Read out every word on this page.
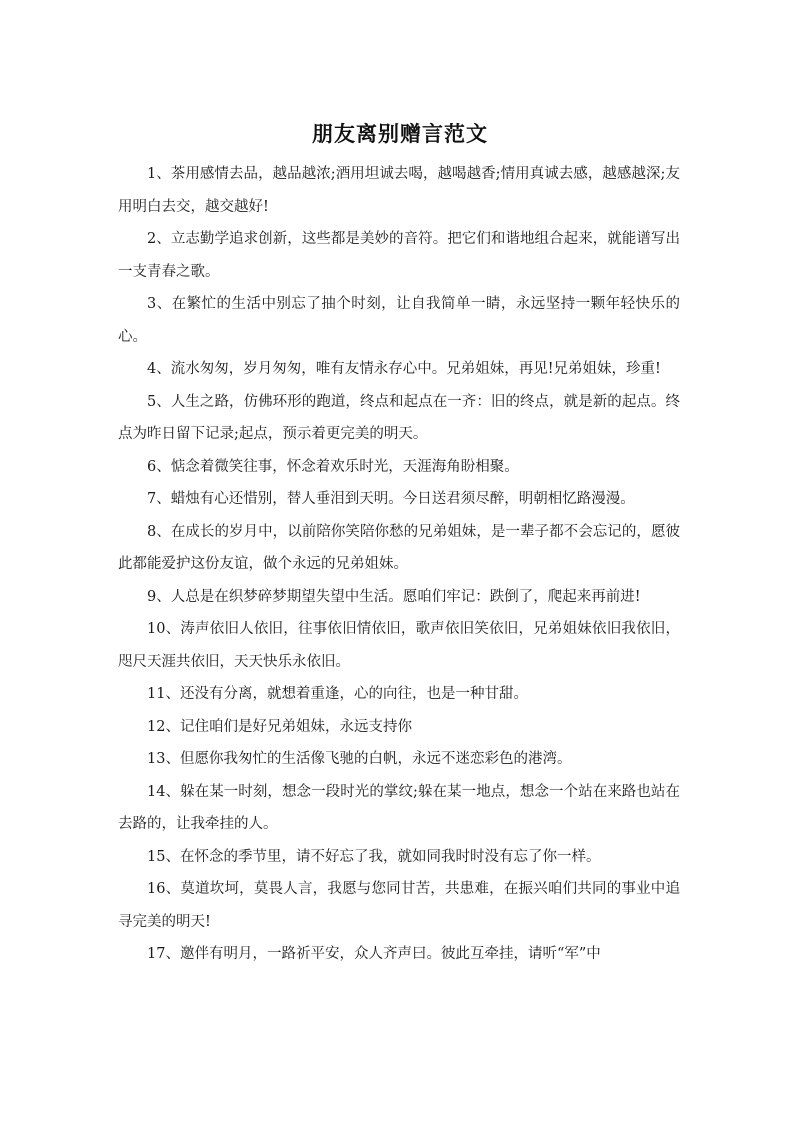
朋友离别赠言范文

1、茶用感情去品，越品越浓;酒用坦诚去喝，越喝越香;情用真诚去感，越感越深;友用明白去交，越交越好!

2、立志勤学追求创新，这些都是美妙的音符。把它们和谐地组合起来，就能谱写出一支青春之歌。

3、在繁忙的生活中别忘了抽个时刻，让自我简单一睛，永远坚持一颗年轻快乐的心。

4、流水匆匆，岁月匆匆，唯有友情永存心中。兄弟姐妹，再见!兄弟姐妹，珍重!

5、人生之路，仿佛环形的跑道，终点和起点在一齐：旧的终点，就是新的起点。终点为昨日留下记录;起点，预示着更完美的明天。

6、惦念着微笑往事，怀念着欢乐时光，天涯海角盼相聚。

7、蜡烛有心还惜别，替人垂泪到天明。今日送君须尽醉，明朝相忆路漫漫。

8、在成长的岁月中，以前陪你笑陪你愁的兄弟姐妹，是一辈子都不会忘记的，愿彼此都能爱护这份友谊，做个永远的兄弟姐妹。

9、人总是在织梦碎梦期望失望中生活。愿咱们牢记：跌倒了，爬起来再前进!

10、涛声依旧人依旧，往事依旧情依旧，歌声依旧笑依旧，兄弟姐妹依旧我依旧，咫尺天涯共依旧，天天快乐永依旧。

11、还没有分离，就想着重逢，心的向往，也是一种甘甜。

12、记住咱们是好兄弟姐妹，永远支持你

13、但愿你我匆忙的生活像飞驰的白帆，永远不迷恋彩色的港湾。

14、躲在某一时刻，想念一段时光的掌纹;躲在某一地点，想念一个站在来路也站在去路的，让我牵挂的人。

15、在怀念的季节里，请不好忘了我，就如同我时时没有忘了你一样。

16、莫道坎坷，莫畏人言，我愿与您同甘苦，共患难，在振兴咱们共同的事业中追寻完美的明天!

17、邀伴有明月，一路祈平安，众人齐声曰。彼此互牵挂，请听“军”中
